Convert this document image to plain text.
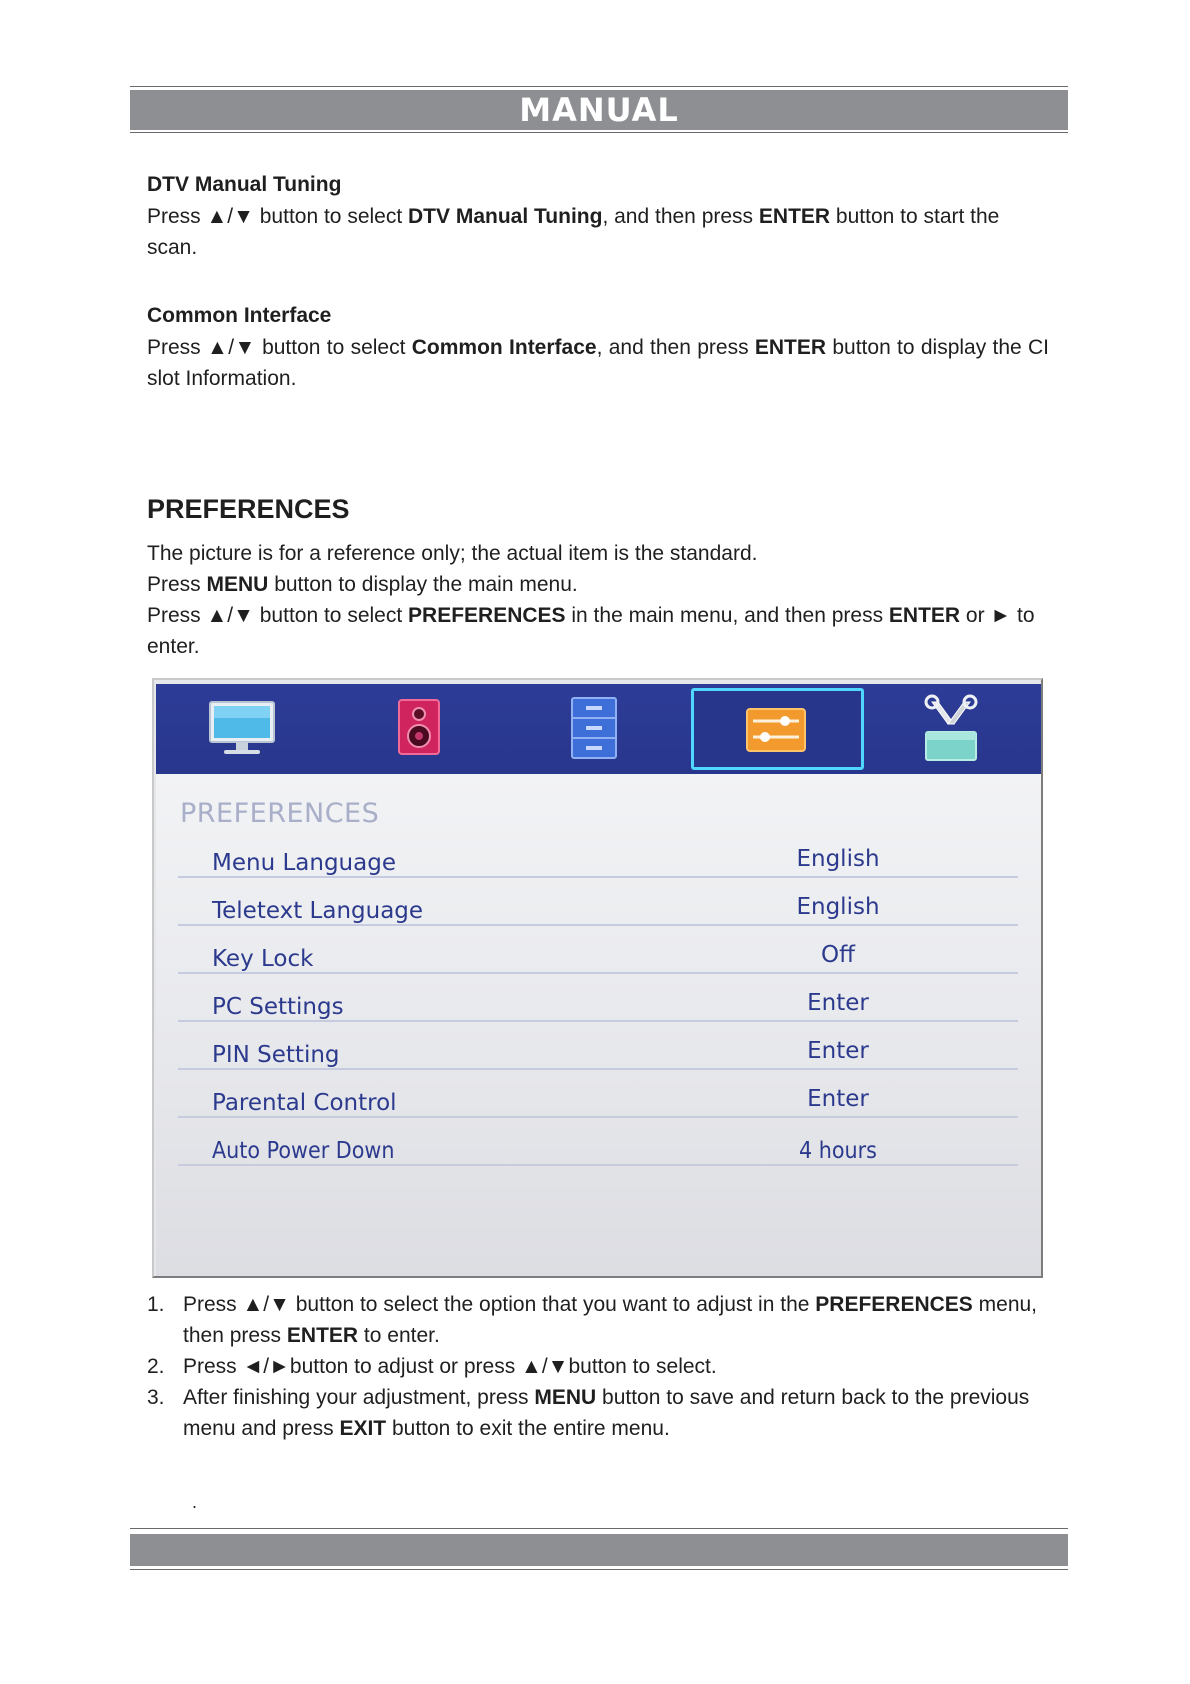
MANUAL
DTV Manual Tuning
Press ▲/▼ button to select DTV Manual Tuning, and then press ENTER button to start the scan.
Common Interface
Press ▲/▼ button to select Common Interface, and then press ENTER button to display the CI slot Information.
PREFERENCES
The picture is for a reference only; the actual item is the standard.
Press MENU button to display the main menu.
Press ▲/▼ button to select PREFERENCES in the main menu, and then press ENTER or ► to enter.
PREFERENCES
Menu Language	English
Teletext Language	English
Key Lock	Off
PC Settings	Enter
PIN Setting	Enter
Parental Control	Enter
Auto Power Down	4 hours
1. Press ▲/▼ button to select the option that you want to adjust in the PREFERENCES menu, then press ENTER to enter.
2. Press ◄/►button to adjust or press ▲/▼button to select.
3. After finishing your adjustment, press MENU button to save and return back to the previous menu and press EXIT button to exit the entire menu.
.
